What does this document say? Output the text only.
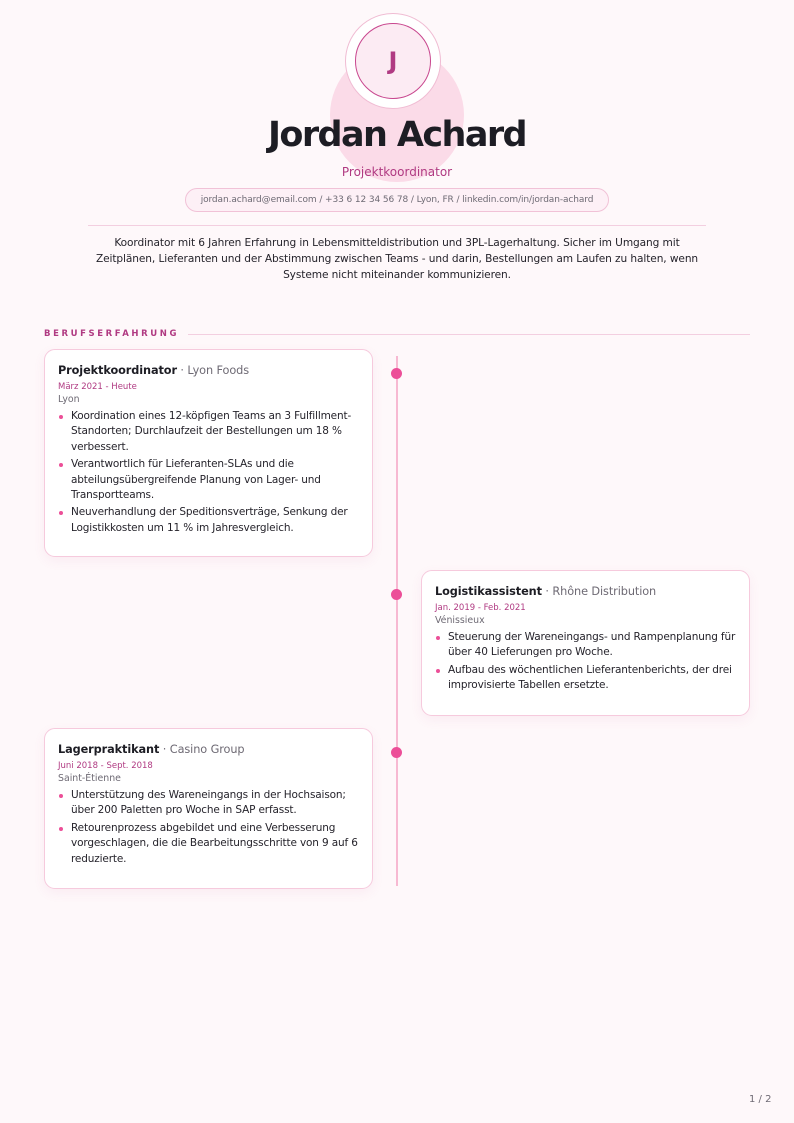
J
Jordan Achard
Projektkoordinator
jordan.achard@email.com / +33 6 12 34 56 78 / Lyon, FR / linkedin.com/in/jordan-achard
Koordinator mit 6 Jahren Erfahrung in Lebensmitteldistribution und 3PL-Lagerhaltung. Sicher im Umgang mit Zeitplänen, Lieferanten und der Abstimmung zwischen Teams - und darin, Bestellungen am Laufen zu halten, wenn Systeme nicht miteinander kommunizieren.
BERUFSERFAHRUNG
Projektkoordinator · Lyon Foods
März 2021 - Heute
Lyon
Koordination eines 12-köpfigen Teams an 3 Fulfillment-Standorten; Durchlaufzeit der Bestellungen um 18 % verbessert.
Verantwortlich für Lieferanten-SLAs und die abteilungsübergreifende Planung von Lager- und Transportteams.
Neuverhandlung der Speditionsverträge, Senkung der Logistikkosten um 11 % im Jahresvergleich.
Logistikassistent · Rhône Distribution
Jan. 2019 - Feb. 2021
Vénissieux
Steuerung der Wareneingangs- und Rampenplanung für über 40 Lieferungen pro Woche.
Aufbau des wöchentlichen Lieferantenberichts, der drei improvisierte Tabellen ersetzte.
Lagerpraktikant · Casino Group
Juni 2018 - Sept. 2018
Saint-Étienne
Unterstützung des Wareneingangs in der Hochsaison; über 200 Paletten pro Woche in SAP erfasst.
Retourenprozess abgebildet und eine Verbesserung vorgeschlagen, die die Bearbeitungsschritte von 9 auf 6 reduzierte.
1 / 2
